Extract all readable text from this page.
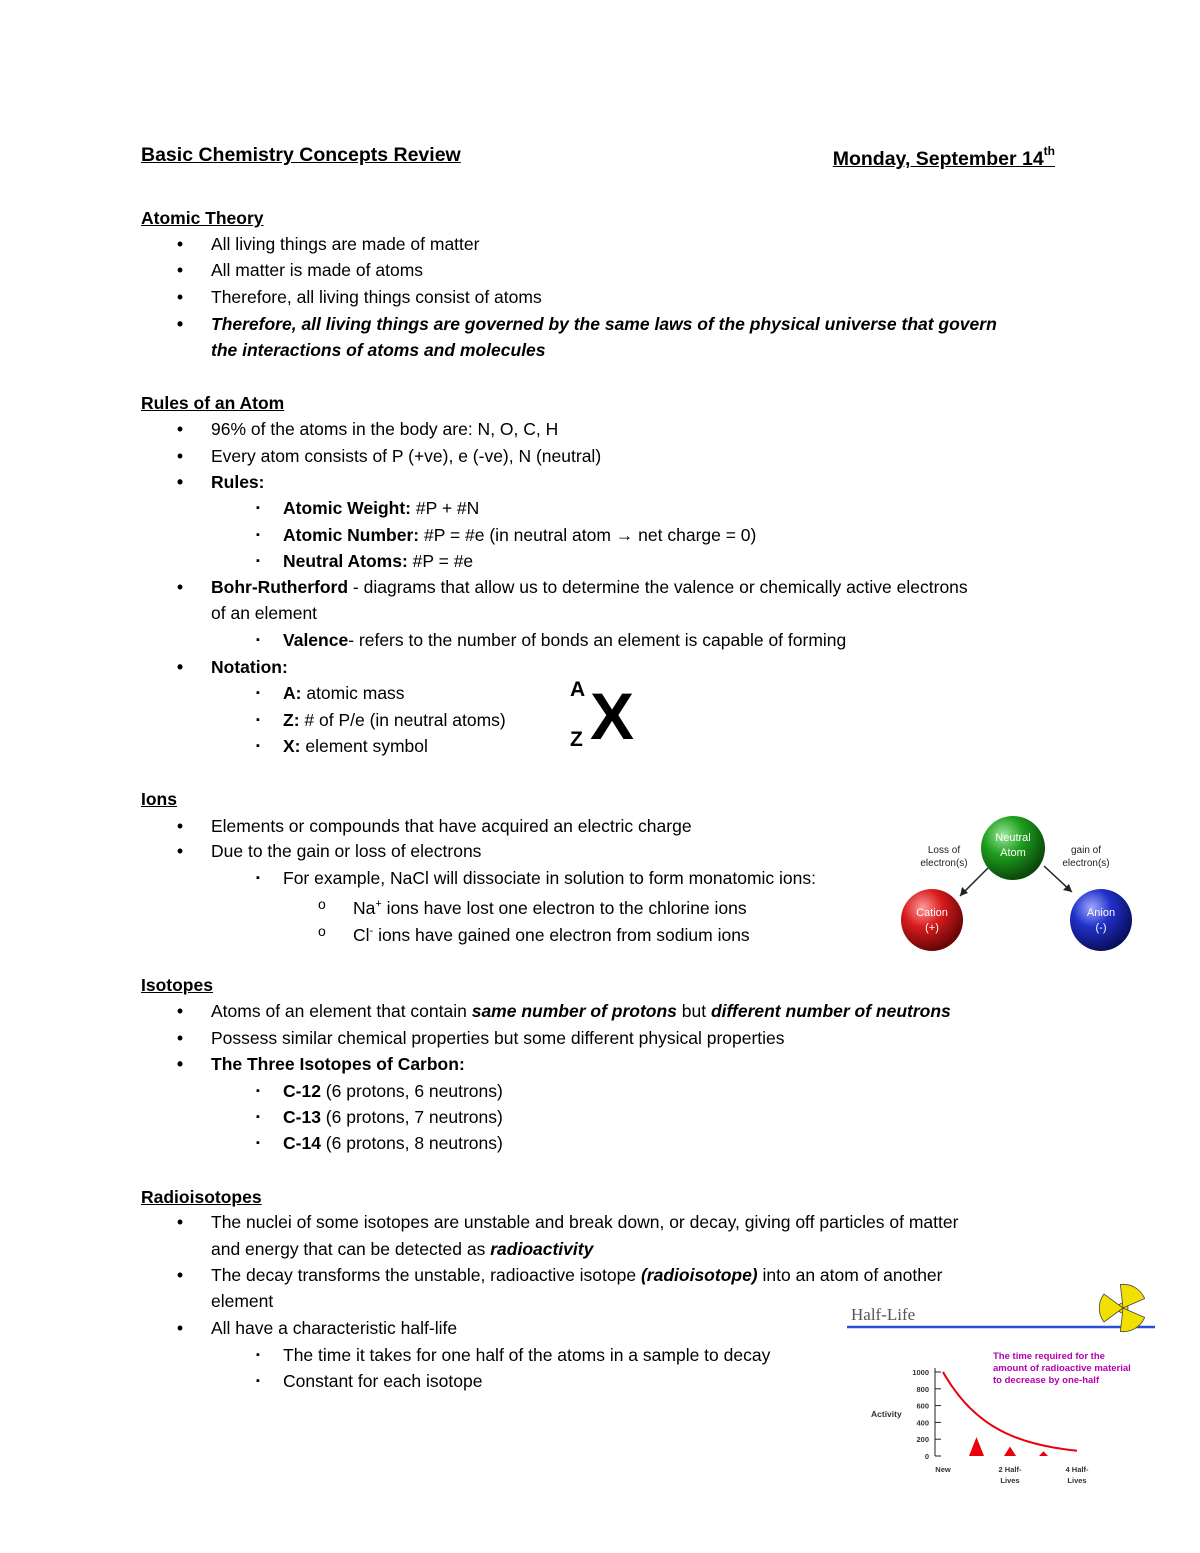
Basic Chemistry Concepts Review	Monday, September 14th
Atomic Theory
•
All living things are made of matter
•
All matter is made of atoms
•
Therefore, all living things consist of atoms
•
Therefore, all living things are governed by the same laws of the physical universe that govern
the interactions of atoms and molecules
Rules of an Atom
•
96% of the atoms in the body are: N, O, C, H
•
Every atom consists of P (+ve), e (-ve), N (neutral)
•
Rules:
▪
Atomic Weight: #P + #N
▪
Atomic Number: #P = #e (in neutral atom → net charge = 0)
▪
Neutral Atoms: #P = #e
•
Bohr-Rutherford - diagrams that allow us to determine the valence or chemically active electrons
of an element
▪
Valence- refers to the number of bonds an element is capable of forming
•
Notation:
▪
A: atomic mass
▪
Z: # of P/e (in neutral atoms)
▪
X: element symbol
A
Z X
Ions
•
Elements or compounds that have acquired an electric charge
•
Due to the gain or loss of electrons
▪
For example, NaCl will dissociate in solution to form monatomic ions:
o
Na+ ions have lost one electron to the chlorine ions
o
Cl- ions have gained one electron from sodium ions
Neutral
Atom
Cation
(+)
Anion
(-)
Loss of
electron(s)
gain of
electron(s)
Isotopes
•
Atoms of an element that contain same number of protons but different number of neutrons
•
Possess similar chemical properties but some different physical properties
•
The Three Isotopes of Carbon:
▪
C-12 (6 protons, 6 neutrons)
▪
C-13 (6 protons, 7 neutrons)
▪
C-14 (6 protons, 8 neutrons)
Radioisotopes
•
The nuclei of some isotopes are unstable and break down, or decay, giving off particles of matter
and energy that can be detected as radioactivity
•
The decay transforms the unstable, radioactive isotope (radioisotope) into an atom of another
element
•
All have a characteristic half-life
▪
The time it takes for one half of the atoms in a sample to decay
▪
Constant for each isotope
Half-Life
The time required for the
amount of radioactive material
to decrease by one-half
Activity
1000
800
600
400
200
0
New	2 Half-
Lives
4 Half-
Lives
